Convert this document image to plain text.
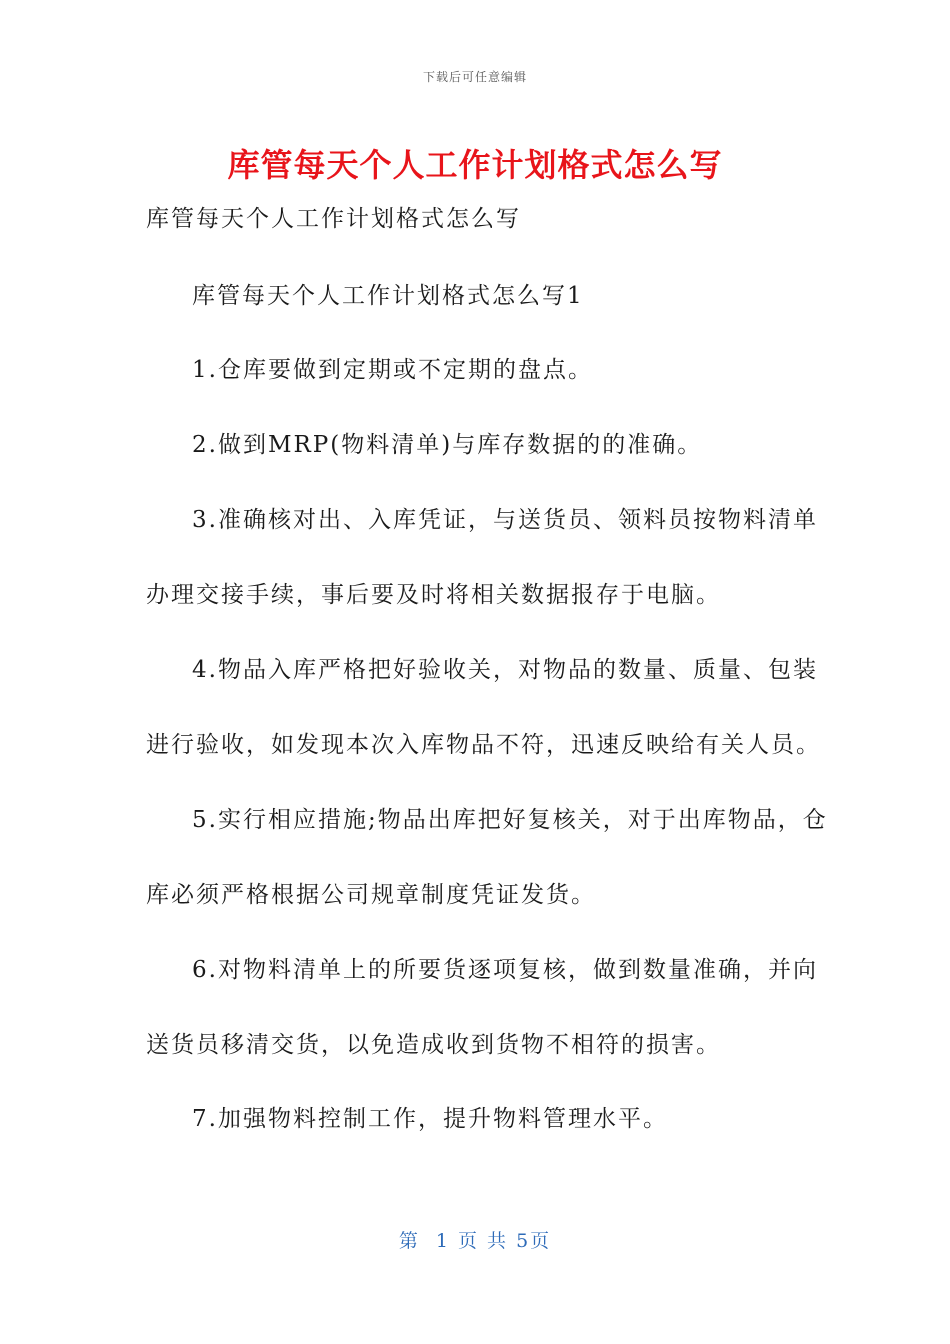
下载后可任意编辑
库管每天个人工作计划格式怎么写

库管每天个人工作计划格式怎么写

库管每天个人工作计划格式怎么写1

1.仓库要做到定期或不定期的盘点。

2.做到MRP(物料清单)与库存数据的的准确。

3.准确核对出、入库凭证，与送货员、领料员按物料清单

办理交接手续，事后要及时将相关数据报存于电脑。

4.物品入库严格把好验收关，对物品的数量、质量、包装

进行验收，如发现本次入库物品不符，迅速反映给有关人员。

5.实行相应措施;物品出库把好复核关，对于出库物品，仓

库必须严格根据公司规章制度凭证发货。

6.对物料清单上的所要货逐项复核，做到数量准确，并向

送货员移清交货，以免造成收到货物不相符的损害。

7.加强物料控制工作，提升物料管理水平。

第  1 页 共 5页
